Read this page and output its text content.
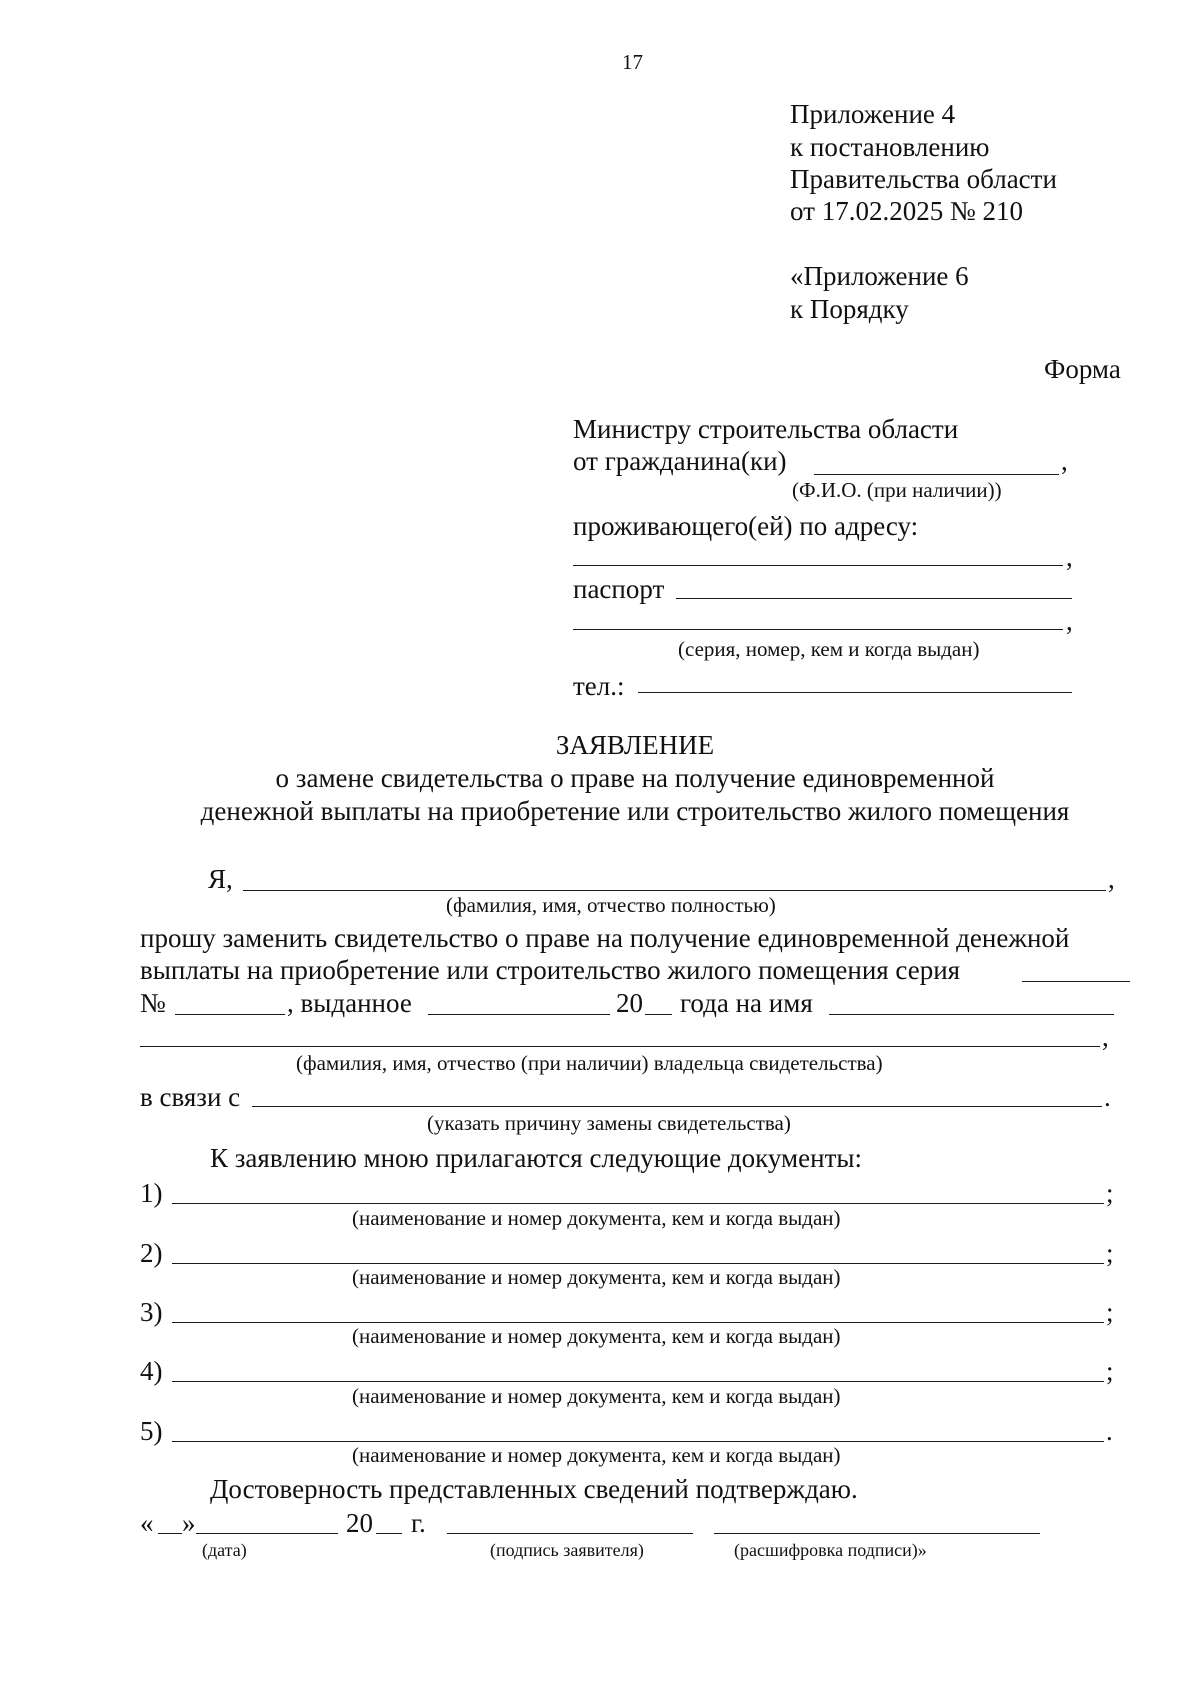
17
Приложение 4
к постановлению
Правительства области
от 17.02.2025 № 210
«Приложение 6
к Порядку
Форма
Министру строительства области
от гражданина(ки)	,
(Ф.И.О. (при наличии))
проживающего(ей) по адресу:
,
паспорт
,
(серия, номер, кем и когда выдан)
тел.:
ЗАЯВЛЕНИЕ
о замене свидетельства о праве на получение единовременной
денежной выплаты на приобретение или строительство жилого помещения
Я,	,
(фамилия, имя, отчество полностью)
прошу заменить свидетельство о праве на получение единовременной денежной
выплаты на приобретение или строительство жилого помещения серия
№	, выданное	20 года на имя
,
(фамилия, имя, отчество (при наличии) владельца свидетельства)
в связи с	.
(указать причину замены свидетельства)
К заявлению мною прилагаются следующие документы:
1)	;
(наименование и номер документа, кем и когда выдан)
2)	;
(наименование и номер документа, кем и когда выдан)
3)	;
(наименование и номер документа, кем и когда выдан)
4)	;
(наименование и номер документа, кем и когда выдан)
5)	.
(наименование и номер документа, кем и когда выдан)
Достоверность представленных сведений подтверждаю.
« »	20 г.
(дата)	(подпись заявителя)	(расшифровка подписи)»
